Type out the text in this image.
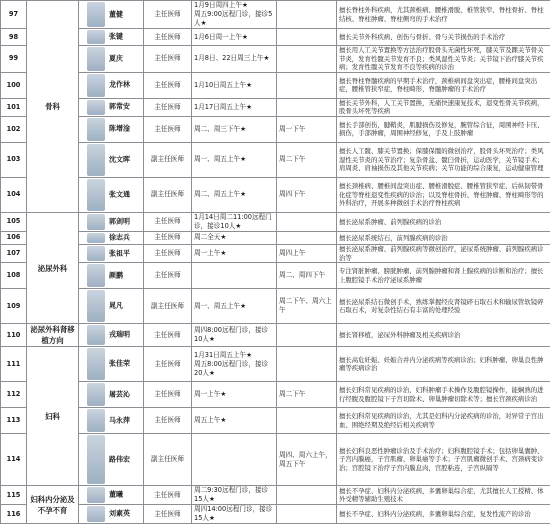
97	骨科	董健	主任医师	1月9日周四上午★
周五9:00远程门诊，接诊5人★		擅长脊柱外科疾病，尤其颈椎病、腰椎滑脱、椎管狭窄、脊柱骨折、脊柱结核、脊柱肿瘤、脊柱侧弯的手术治疗
98		张键	主任医师	1月6日周一上午★		擅长关节外科疾病、创伤与骨折、骨与关节损伤的手术治疗
99		夏庆	主任医师	1月8日、22日周三上午★		擅长用人工关节置换等方法治疗股骨头无菌性坏死，膝关节及踝关节骨关节炎，发育性髋关节发育不良；类风湿性关节炎；关节镜下治疗膝关节疾病；发育性髋关节发育不良等疾病的诊治
100		龙作林	主任医师	1月10日周五上午★		擅长脊柱脊髓疾病的早期手术治疗，颈椎病间盘突出症，腰椎间盘突出症，腰椎管狭窄症，脊柱畸形，脊髓肿瘤的手术治疗
101		郭常安	主任医师	1月17日周五上午★		擅长关节外科，人工关节置换，无痛快速康复技术，退变性骨关节疾病，股骨头坏死等疾病
102		陈增淦	主任医师	周二、周三下午★	周一下午	擅长手部创伤，腱鞘炎，肌腱损伤及修复，腕管综合征，周围神经卡压、损伤，手部肿瘤，周围神经修复，手及上肢肿瘤
103		沈文晖	副主任医师	周一、周五上午★	周二下午	擅长人工髋、膝关节置换；保膝保髋的微创治疗，股骨头坏死治疗；类风湿性关节炎的关节治疗；复杂骨盆、髋臼骨折，运动医学，关节镜手术；肩周炎、肩袖损伤及其他关节疾病；关节功能的综合康复，运动健康管理
104		张文通	副主任医师	周二、周五上午★	周四下午	擅长颈椎病、腰椎间盘突出症、腰椎滑脱症、腰椎管狭窄症、后纵韧带骨化症等脊柱退变性疾病的诊治；以及脊柱骨折、脊柱肿瘤、脊柱畸形等的外科治疗，开展多种微创手术治疗脊柱疾病
105	泌尿外科	郭剑明	主任医师	1月14日周二11:00远程门诊，接诊10人★		擅长泌尿系肿瘤、前列腺疾病的诊治
106		徐志兵	主任医师	周二全天★		擅长泌尿系统结石，前列腺疾病的诊治
107		张祖平	主任医师	周一上午★	周四上午	擅长泌尿系肿瘤、前列腺疾病等微创治疗，泌尿系统肿瘤、前列腺疾病诊治等
108		颜鹏	主任医师		周二、周四下午	专注肾脏肿瘤、膀胱肿瘤、前列腺肿瘤和肾上腺疾病的诊断和治疗；擅长上腹腔镜手术治疗泌尿系肿瘤
109		晁凡	副主任医师	周一、周五上午★	周二下午、周六上午	擅长泌尿系结石微创手术，熟练掌握经皮肾镜碎石取石术和输尿管软镜碎石取石术，对复杂性结石有丰富的处理经验
110	泌尿外科肾移植方向	戎瑞明	主任医师	周四8:00远程门诊，接诊10人★		擅长肾移植，泌尿外科肿瘤及相关疾病诊治
111	妇科	张佳荣	主任医师	1月31日周五上午★
周五8:00远程门诊，接诊20人★		擅长高危妊娠、妊娠合并内分泌疾病等疾病诊治；妇科肿瘤、卵巢良性肿瘤等疾病诊治
112		屠芸沁	主任医师	周一上午★	周二下午	擅长妇科常见疾病的诊治，妇科肿瘤手术操作及腹腔镜操作，能娴熟的进行经腹及腹腔镜下子宫切除术、卵巢肿瘤切除术等；擅长宫颈疾病诊治
113		马永萍	主任医师	周五上午★		擅长妇科常见疾病的诊治，尤其是妇科内分泌疾病的诊治，对异常子宫出血、围绝经期及绝经后相关疾病等
114		路伟宏	副主任医师		周四、周六上午，周五下午	擅长妇科良恶性肿瘤诊治及手术治疗；妇科腹腔镜手术；包括卵巢囊肿、子宫内膜癌，子宫肌瘤、卵巢癌等手术；子宫肌瘤微创手术、宫颈病变诊治；宫腔镜下治疗子宫内膜息肉，宫腔粘连，子宫纵隔等
115	妇科内分泌及不孕不育	董曦	主任医师	周二9:30远程门诊，接诊15人★		擅长不孕症、妇科内分泌疾病，多囊卵巢综合症，尤其擅长人工授精、体外受精等辅助生殖技术
116		刘素英	主任医师	周四14:00远程门诊，接诊15人★		擅长不孕症、妇科内分泌疾病，多囊卵巢综合症，复发性流产的诊治
